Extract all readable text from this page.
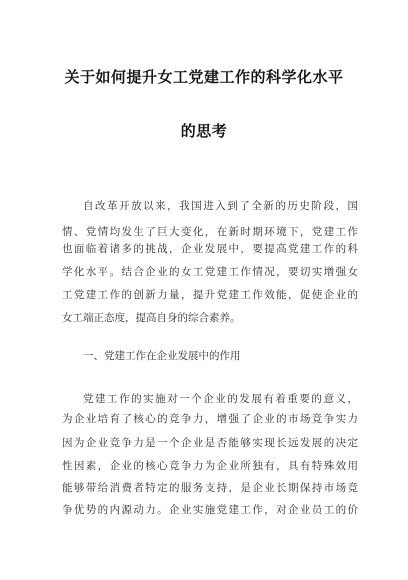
关于如何提升女工党建工作的科学化水平
的思考
自改革开放以来，我国进入到了全新的历史阶段，国
情、党情均发生了巨大变化，在新时期环境下，党建工作
也面临着诸多的挑战，企业发展中，要提高党建工作的科
学化水平。结合企业的女工党建工作情况，要切实增强女
工党建工作的创新力量，提升党建工作效能，促使企业的
女工端正态度，提高自身的综合素养。
一、党建工作在企业发展中的作用
党建工作的实施对一个企业的发展有着重要的意义，
为企业培育了核心的竞争力，增强了企业的市场竞争实力
因为企业竞争力是一个企业是否能够实现长远发展的决定
性因素，企业的核心竞争力为企业所独有，具有特殊效用
能够带给消费者特定的服务支持，是企业长期保持市场竞
争优势的内源动力。企业实施党建工作，对企业员工的价
